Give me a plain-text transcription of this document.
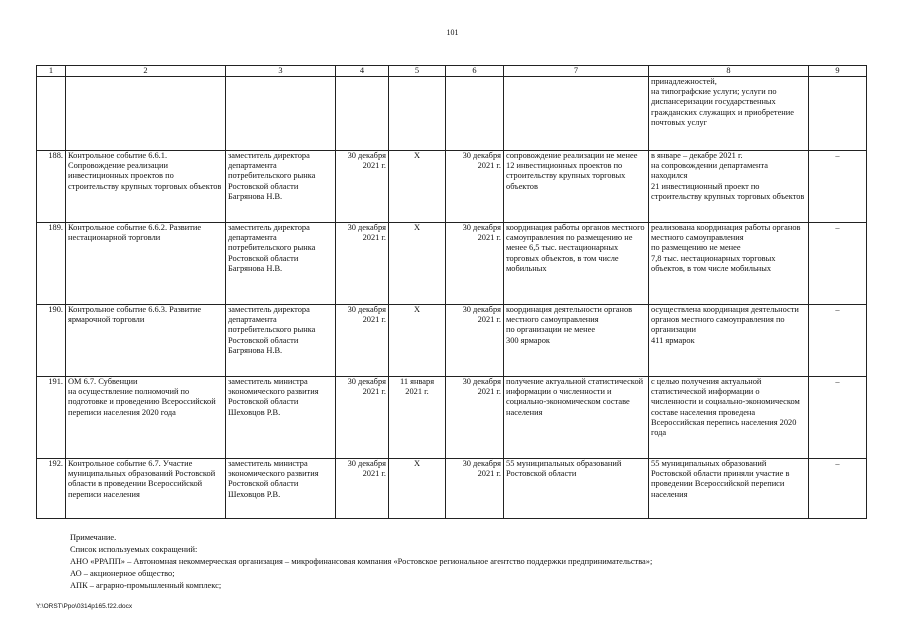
101
1	2	3	4	5	6	7	8	9
							принадлежностей,
на типографские услуги; услуги по диспансеризации государственных гражданских служащих и приобретение почтовых услуг	
188.	Контрольное событие 6.6.1. Сопровождение реализации инвестиционных проектов по строительству крупных торговых объектов	заместитель директора департамента потребительского рынка
Ростовской области
Багрянова Н.В.	30 декабря 2021 г.	X	30 декабря 2021 г.	сопровождение реализации не менее 12 инвестиционных проектов по строительству крупных торговых объектов	в январе – декабре 2021 г.
на сопровождении департамента находился
21 инвестиционный проект по строительству крупных торговых объектов	–
189.	Контрольное событие 6.6.2. Развитие нестационарной торговли	заместитель директора департамента потребительского рынка
Ростовской области
Багрянова Н.В.	30 декабря 2021 г.	X	30 декабря 2021 г.	координация работы органов местного самоуправления по размещению не менее 6,5 тыс. нестационарных торговых объектов, в том числе мобильных	реализована координация работы органов местного самоуправления
по размещению не менее
7,8 тыс. нестационарных торговых объектов, в том числе мобильных	–
190.	Контрольное событие 6.6.3. Развитие ярмарочной торговли	заместитель директора департамента потребительского рынка
Ростовской области
Багрянова Н.В.	30 декабря 2021 г.	X	30 декабря 2021 г.	координация деятельности органов местного самоуправления
по организации не менее
300 ярмарок	осуществлена координация деятельности органов местного самоуправления по организации
411 ярмарок	–
191.	ОМ 6.7. Субвенции
на осуществление полномочий по подготовке и проведению Всероссийской переписи населения 2020 года	заместитель министра экономического развития
Ростовской области
Шеховцов Р.В.	30 декабря 2021 г.	11 января 2021 г.	30 декабря 2021 г.	получение актуальной статистической информации о численности и социально-экономическом составе населения	с целью получения актуальной статистической информации о численности и социально-экономическом составе населения проведена Всероссийская перепись населения 2020 года	–
192.	Контрольное событие 6.7. Участие муниципальных образований Ростовской области в проведении Всероссийской переписи населения	заместитель министра экономического развития
Ростовской области
Шеховцов Р.В.	30 декабря 2021 г.	X	30 декабря 2021 г.	55 муниципальных образований Ростовской области	55 муниципальных образований Ростовской области приняли участие в проведении Всероссийской переписи населения	–
Примечание.
Список используемых сокращений:
АНО «РРАПП» – Автономная некоммерческая организация – микрофинансовая компания «Ростовское региональное агентство поддержки предпринимательства»;
АО – акционерное общество;
АПК – аграрно-промышленный комплекс;
Y:\ORST\Ppo\0314p165.f22.docx
